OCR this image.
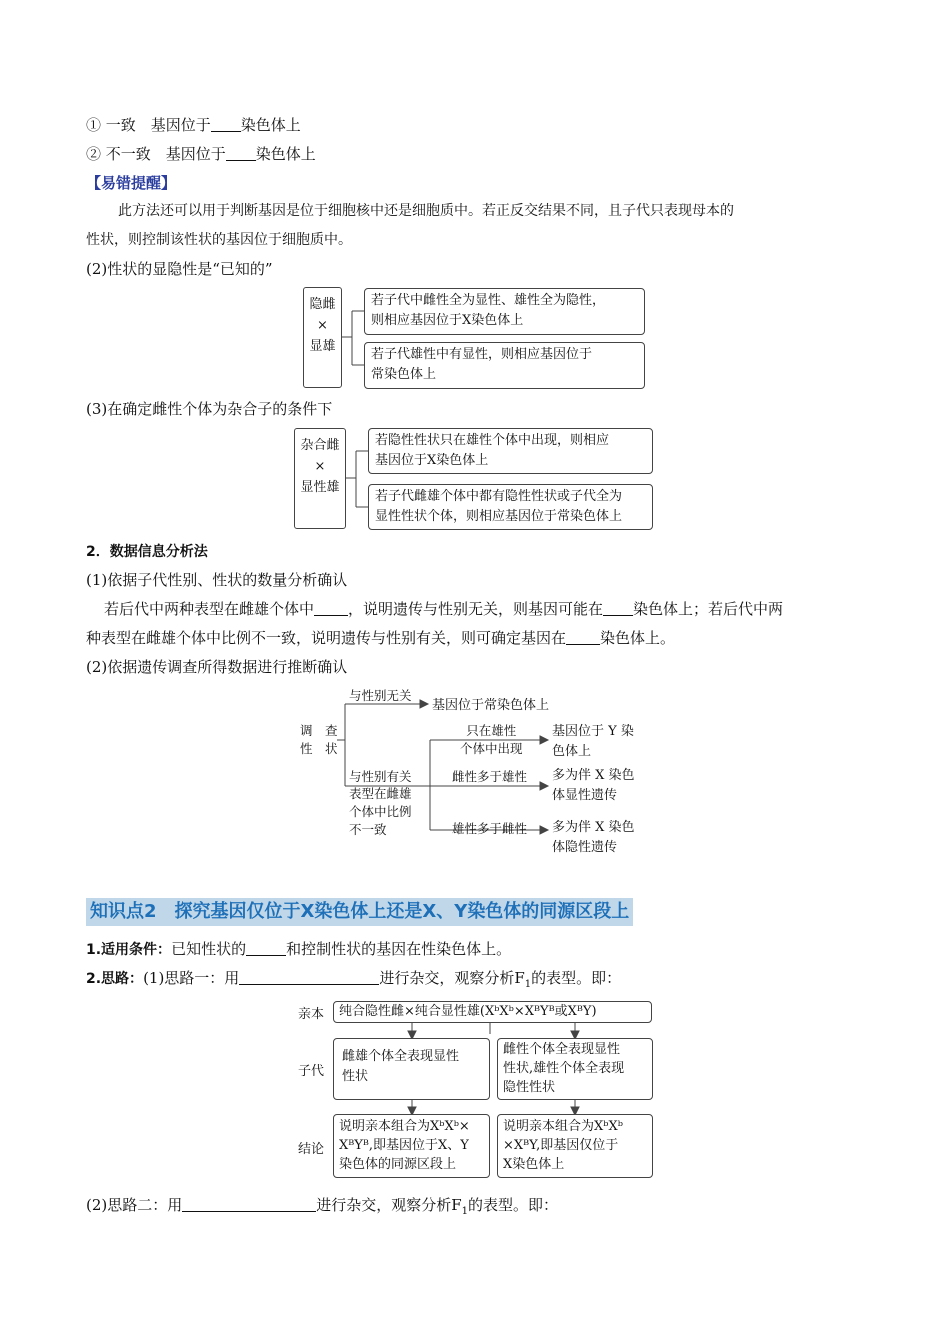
① 一致　基因位于 染色体上
② 不一致　基因位于 染色体上
【易错提醒】
此方法还可以用于判断基因是位于细胞核中还是细胞质中。若正反交结果不同，且子代只表现母本的
性状，则控制该性状的基因位于细胞质中。
(2)性状的显隐性是“已知的”
隐雌
×
显雄
若子代中雌性全为显性、雄性全为隐性，
则相应基因位于X染色体上
若子代雄性中有显性，则相应基因位于
常染色体上
(3)在确定雌性个体为杂合子的条件下
杂合雌
×
显性雄
若隐性性状只在雄性个体中出现，则相应
基因位于X染色体上
若子代雌雄个体中都有隐性性状或子代全为
显性性状个体，则相应基因位于常染色体上
2．数据信息分析法
(1)依据子代性别、性状的数量分析确认
若后代中两种表型在雌雄个体中 ，说明遗传与性别无关，则基因可能在 染色体上；若后代中两
种表型在雌雄个体中比例不一致，说明遗传与性别有关，则可确定基因在 染色体上。
(2)依据遗传调查所得数据进行推断确认
调　查
性　状
与性别无关
基因位于常染色体上
与性别有关
表型在雌雄
个体中比例
不一致
只在雄性
个体中出现
基因位于 Y 染
色体上
雌性多于雄性 多为伴 X 染色
体显性遗传
雄性多于雌性 多为伴 X 染色
体隐性遗传
知识点2　探究基因仅位于X染色体上还是X、Y染色体的同源区段上
1.适用条件：已知性状的	和控制性状的基因在性染色体上。
2.思路：(1)思路一：用	进行杂交，观察分析$F_1$的表型。即：
亲本
子代
结论
纯合隐性雌×纯合显性雄(XᵇXᵇ×XᴮYᴮ或XᴮY)
雌雄个体全表现显性
性状
雌性个体全表现显性
性状,雄性个体全表现
隐性性状
说明亲本组合为XᵇXᵇ×
XᴮYᴮ,即基因位于X、Y
染色体的同源区段上
说明亲本组合为XᵇXᵇ
×XᴮY,即基因仅位于
X染色体上
(2)思路二：用	进行杂交，观察分析$F_1$的表型。即：
